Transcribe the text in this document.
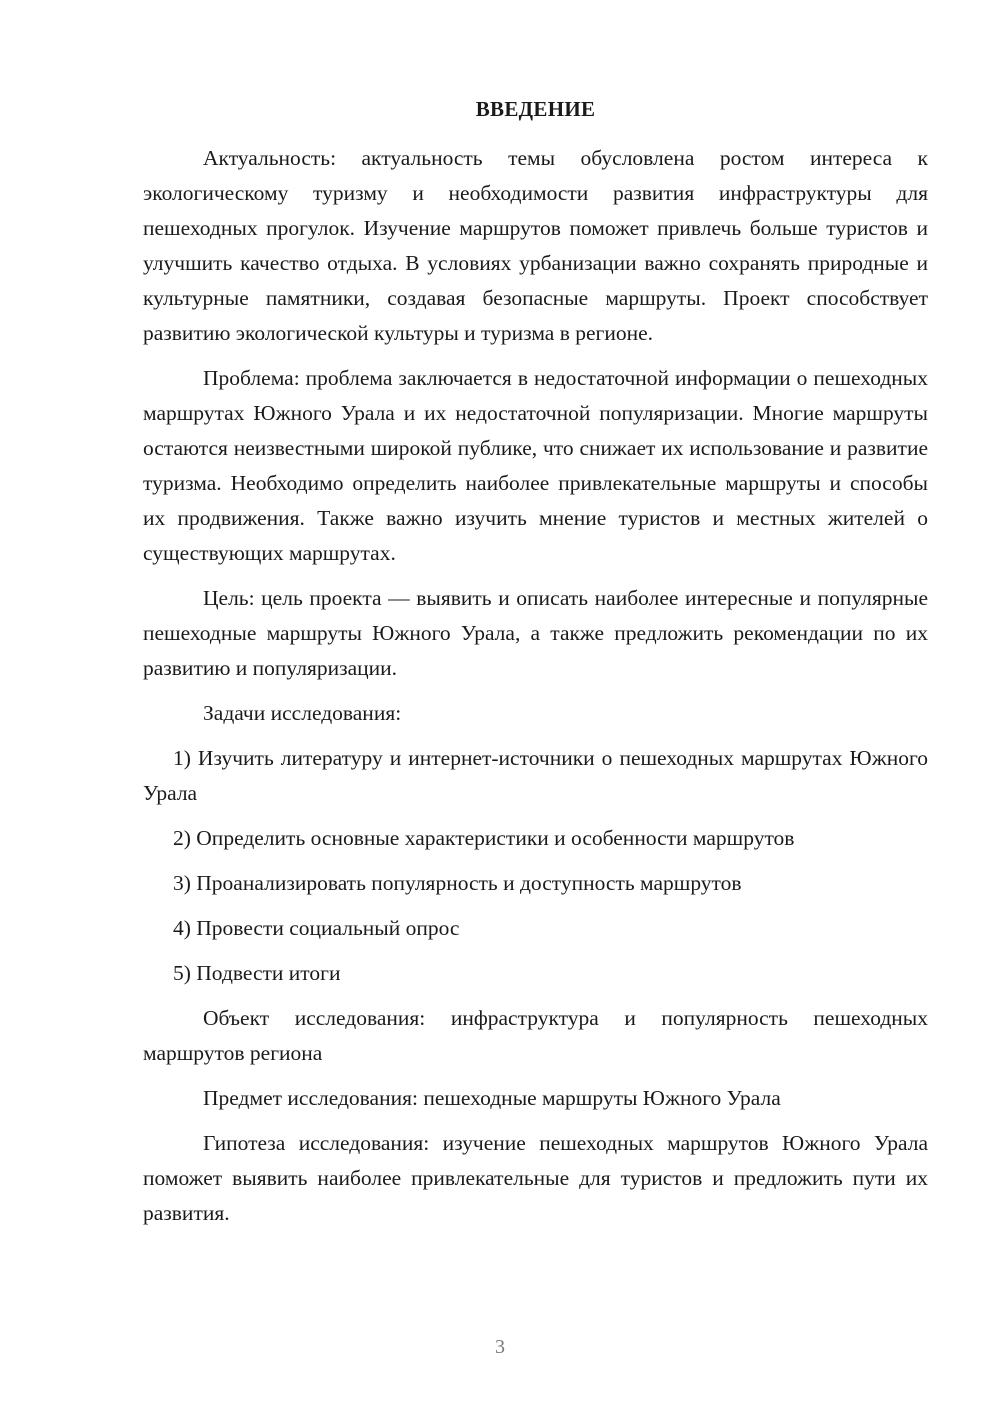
ВВЕДЕНИЕ

Актуальность: актуальность темы обусловлена ростом интереса к экологическому туризму и необходимости развития инфраструктуры для пешеходных прогулок. Изучение маршрутов поможет привлечь больше туристов и улучшить качество отдыха. В условиях урбанизации важно сохранять природные и культурные памятники, создавая безопасные маршруты. Проект способствует развитию экологической культуры и туризма в регионе.

Проблема: проблема заключается в недостаточной информации о пешеходных маршрутах Южного Урала и их недостаточной популяризации. Многие маршруты остаются неизвестными широкой публике, что снижает их использование и развитие туризма. Необходимо определить наиболее привлекательные маршруты и способы их продвижения. Также важно изучить мнение туристов и местных жителей о существующих маршрутах.

Цель: цель проекта — выявить и описать наиболее интересные и популярные пешеходные маршруты Южного Урала, а также предложить рекомендации по их развитию и популяризации.

Задачи исследования:

1) Изучить литературу и интернет-источники о пешеходных маршрутах Южного Урала

2) Определить основные характеристики и особенности маршрутов

3) Проанализировать популярность и доступность маршрутов

4) Провести социальный опрос

5) Подвести итоги

Объект исследования: инфраструктура и популярность пешеходных маршрутов региона

Предмет исследования: пешеходные маршруты Южного Урала

Гипотеза исследования: изучение пешеходных маршрутов Южного Урала поможет выявить наиболее привлекательные для туристов и предложить пути их развития.

3
